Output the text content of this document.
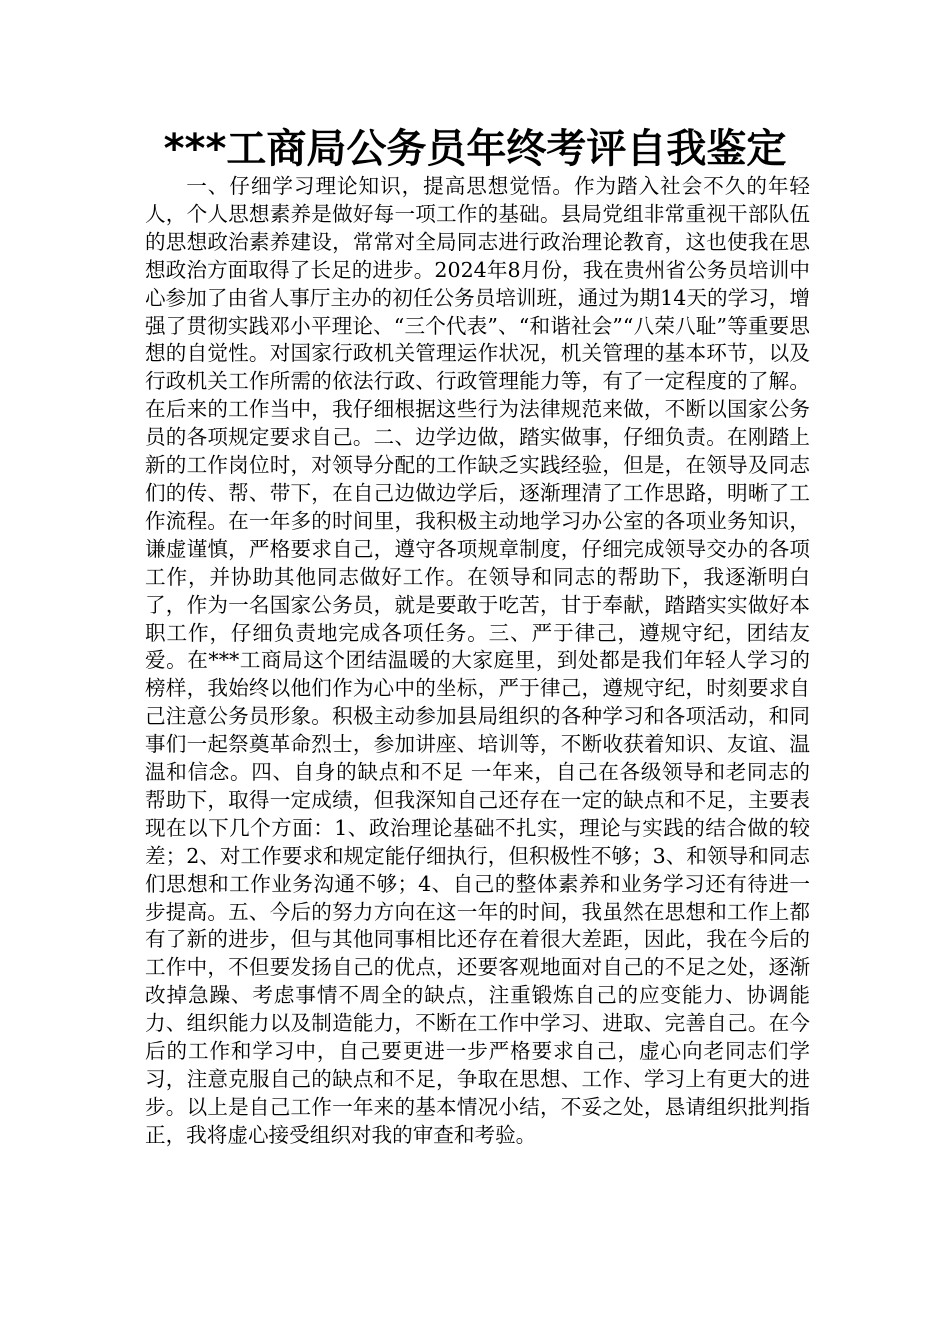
***工商局公务员年终考评自我鉴定

一、仔细学习理论知识，提高思想觉悟。作为踏入社会不久的年轻人，个人思想素养是做好每一项工作的基础。县局党组非常重视干部队伍的思想政治素养建设，常常对全局同志进行政治理论教育，这也使我在思想政治方面取得了长足的进步。2024年8月份，我在贵州省公务员培训中心参加了由省人事厅主办的初任公务员培训班，通过为期14天的学习，增强了贯彻实践邓小平理论、“三个代表”、“和谐社会”“八荣八耻”等重要思想的自觉性。对国家行政机关管理运作状况，机关管理的基本环节，以及行政机关工作所需的依法行政、行政管理能力等，有了一定程度的了解。在后来的工作当中，我仔细根据这些行为法律规范来做，不断以国家公务员的各项规定要求自己。二、边学边做，踏实做事，仔细负责。在刚踏上新的工作岗位时，对领导分配的工作缺乏实践经验，但是，在领导及同志们的传、帮、带下，在自己边做边学后，逐渐理清了工作思路，明晰了工作流程。在一年多的时间里，我积极主动地学习办公室的各项业务知识，谦虚谨慎，严格要求自己，遵守各项规章制度，仔细完成领导交办的各项工作，并协助其他同志做好工作。在领导和同志的帮助下，我逐渐明白了，作为一名国家公务员，就是要敢于吃苦，甘于奉献，踏踏实实做好本职工作，仔细负责地完成各项任务。三、严于律己，遵规守纪，团结友爱。在***工商局这个团结温暖的大家庭里，到处都是我们年轻人学习的榜样，我始终以他们作为心中的坐标，严于律己，遵规守纪，时刻要求自己注意公务员形象。积极主动参加县局组织的各种学习和各项活动，和同事们一起祭奠革命烈士，参加讲座、培训等，不断收获着知识、友谊、温温和信念。四、自身的缺点和不足 一年来，自己在各级领导和老同志的帮助下，取得一定成绩，但我深知自己还存在一定的缺点和不足，主要表现在以下几个方面：1、政治理论基础不扎实，理论与实践的结合做的较差；2、对工作要求和规定能仔细执行，但积极性不够；3、和领导和同志们思想和工作业务沟通不够；4、自己的整体素养和业务学习还有待进一步提高。五、今后的努力方向在这一年的时间，我虽然在思想和工作上都有了新的进步，但与其他同事相比还存在着很大差距，因此，我在今后的工作中，不但要发扬自己的优点，还要客观地面对自己的不足之处，逐渐改掉急躁、考虑事情不周全的缺点，注重锻炼自己的应变能力、协调能力、组织能力以及制造能力，不断在工作中学习、进取、完善自己。在今后的工作和学习中，自己要更进一步严格要求自己，虚心向老同志们学习，注意克服自己的缺点和不足，争取在思想、工作、学习上有更大的进步。以上是自己工作一年来的基本情况小结，不妥之处，恳请组织批判指正，我将虚心接受组织对我的审查和考验。
